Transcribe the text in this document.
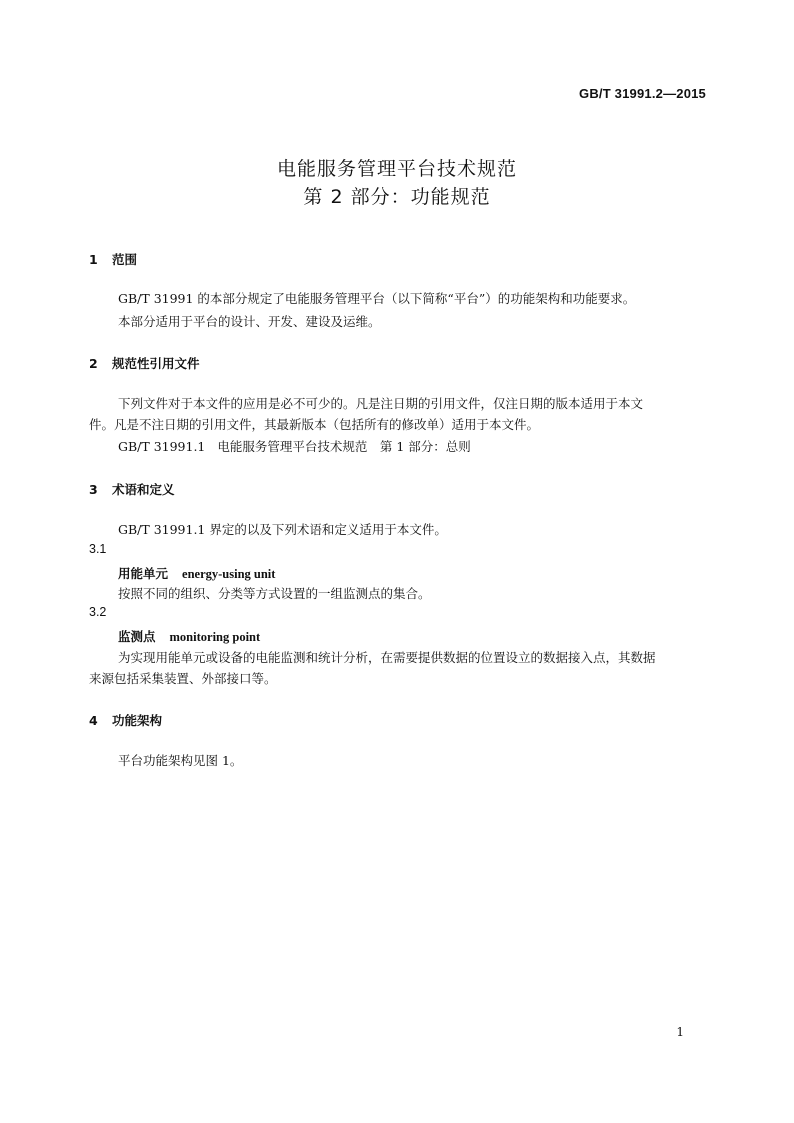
GB/T 31991.2—2015
电能服务管理平台技术规范
第 2 部分：功能规范
1 范围
GB/T 31991 的本部分规定了电能服务管理平台（以下简称“平台”）的功能架构和功能要求。
本部分适用于平台的设计、开发、建设及运维。
2 规范性引用文件
下列文件对于本文件的应用是必不可少的。凡是注日期的引用文件，仅注日期的版本适用于本文
件。凡是不注日期的引用文件，其最新版本（包括所有的修改单）适用于本文件。
GB/T 31991.1 电能服务管理平台技术规范　第 1 部分：总则
3 术语和定义
GB/T 31991.1 界定的以及下列术语和定义适用于本文件。
3.1
用能单元 energy-using unit
按照不同的组织、分类等方式设置的一组监测点的集合。
3.2
监测点 monitoring point
为实现用能单元或设备的电能监测和统计分析，在需要提供数据的位置设立的数据接入点，其数据
来源包括采集装置、外部接口等。
4 功能架构
平台功能架构见图 1。
1
